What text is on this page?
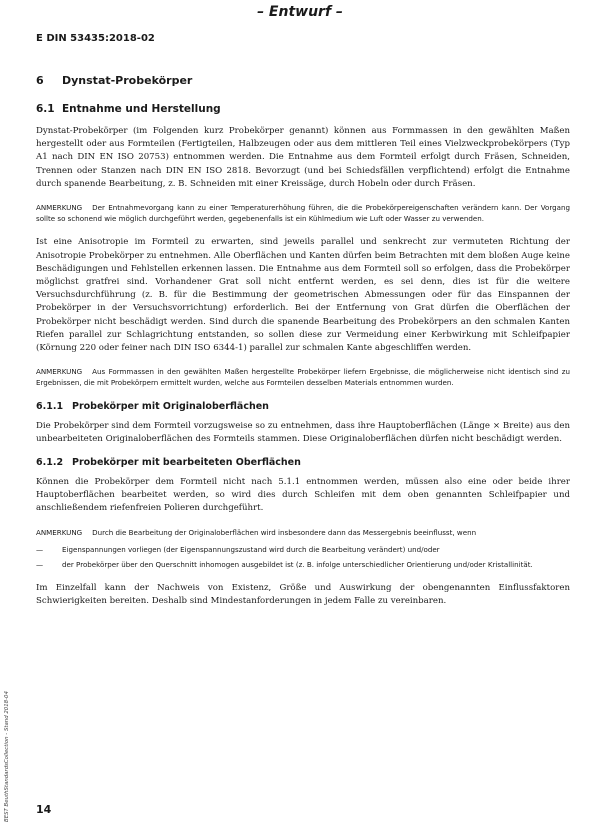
– Entwurf –
E DIN 53435:2018-02
6 Dynstat-Probekörper
6.1 Entnahme und Herstellung

Dynstat-Probekörper (im Folgenden kurz Probekörper genannt) können aus Formmassen in den gewählten Maßen hergestellt oder aus Formteilen (Fertigteilen, Halbzeugen oder aus dem mittleren Teil eines Vielzweckprobekörpers (Typ A1 nach DIN EN ISO 20753) entnommen werden. Die Entnahme aus dem Formteil erfolgt durch Fräsen, Schneiden, Trennen oder Stanzen nach DIN EN ISO 2818. Bevorzugt (und bei Schiedsfällen verpflichtend) erfolgt die Entnahme durch spanende Bearbeitung, z. B. Schneiden mit einer Kreissäge, durch Hobeln oder durch Fräsen.

ANMERKUNG Der Entnahmevorgang kann zu einer Temperaturerhöhung führen, die die Probekörpereigenschaften verändern kann. Der Vorgang sollte so schonend wie möglich durchgeführt werden, gegebenenfalls ist ein Kühlmedium wie Luft oder Wasser zu verwenden.

Ist eine Anisotropie im Formteil zu erwarten, sind jeweils parallel und senkrecht zur vermuteten Richtung der Anisotropie Probekörper zu entnehmen. Alle Oberflächen und Kanten dürfen beim Betrachten mit dem bloßen Auge keine Beschädigungen und Fehlstellen erkennen lassen. Die Entnahme aus dem Formteil soll so erfolgen, dass die Probekörper möglichst gratfrei sind. Vorhandener Grat soll nicht entfernt werden, es sei denn, dies ist für die weitere Versuchsdurchführung (z. B. für die Bestimmung der geometrischen Abmessungen oder für das Einspannen der Probekörper in der Versuchsvorrichtung) erforderlich. Bei der Entfernung von Grat dürfen die Oberflächen der Probekörper nicht beschädigt werden. Sind durch die spanende Bearbeitung des Probekörpers an den schmalen Kanten Riefen parallel zur Schlagrichtung entstanden, so sollen diese zur Vermeidung einer Kerbwirkung mit Schleifpapier (Körnung 220 oder feiner nach DIN ISO 6344-1) parallel zur schmalen Kante abgeschliffen werden.

ANMERKUNG Aus Formmassen in den gewählten Maßen hergestellte Probekörper liefern Ergebnisse, die möglicherweise nicht identisch sind zu Ergebnissen, die mit Probekörpern ermittelt wurden, welche aus Formteilen desselben Materials entnommen wurden.

6.1.1 Probekörper mit Originaloberflächen

Die Probekörper sind dem Formteil vorzugsweise so zu entnehmen, dass ihre Hauptoberflächen (Länge × Breite) aus den unbearbeiteten Originaloberflächen des Formteils stammen. Diese Originaloberflächen dürfen nicht beschädigt werden.

6.1.2 Probekörper mit bearbeiteten Oberflächen

Können die Probekörper dem Formteil nicht nach 5.1.1 entnommen werden, müssen also eine oder beide ihrer Hauptoberflächen bearbeitet werden, so wird dies durch Schleifen mit dem oben genannten Schleifpapier und anschließendem riefenfreien Polieren durchgeführt.

ANMERKUNG Durch die Bearbeitung der Originaloberflächen wird insbesondere dann das Messergebnis beeinflusst, wenn

—	Eigenspannungen vorliegen (der Eigenspannungszustand wird durch die Bearbeitung verändert) und/oder
—	der Probekörper über den Querschnitt inhomogen ausgebildet ist (z. B. infolge unterschiedlicher Orientierung und/oder Kristallinität.

Im Einzelfall kann der Nachweis von Existenz, Größe und Auswirkung der obengenannten Einflussfaktoren Schwierigkeiten bereiten. Deshalb sind Mindestanforderungen in jedem Falle zu vereinbaren.

14
BEST BeuthStandardsCollection - Stand 2018-04
